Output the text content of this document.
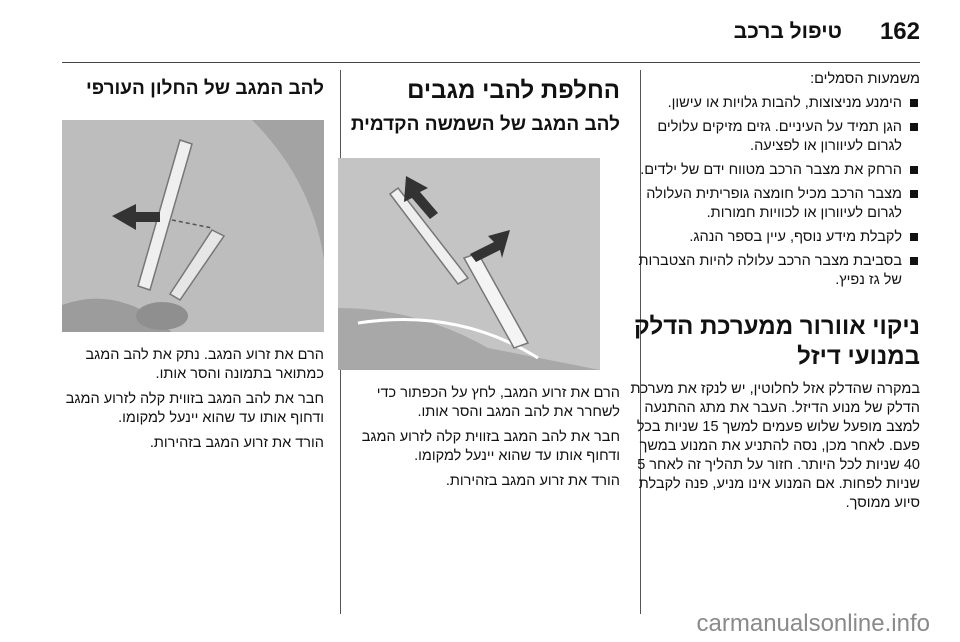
162
טיפול ברכב
משמעות הסמלים:
הימנע מניצוצות, להבות גלויות או עישון.
הגן תמיד על העיניים. גזים מזיקים עלולים לגרום לעיוורון או לפציעה.
הרחק את מצבר הרכב מטווח ידם של ילדים.
מצבר הרכב מכיל חומצה גופריתית העלולה לגרום לעיוורון או לכוויות חמורות.
לקבלת מידע נוסף, עיין בספר הנהג.
בסביבת מצבר הרכב עלולה להיות הצטברות של גז נפיץ.
ניקוי אוורור ממערכת הדלק במנועי דיזל
במקרה שהדלק אזל לחלוטין, יש לנקז את מערכת הדלק של מנוע הדיזל. העבר את מתג ההתנעה למצב מופעל שלוש פעמים למשך 15 שניות בכל פעם. לאחר מכן, נסה להתניע את המנוע במשך 40 שניות לכל היותר. חזור על תהליך זה לאחר 5 שניות לפחות. אם המנוע אינו מניע, פנה לקבלת סיוע ממוסך.
החלפת להבי מגבים
להב המגב של השמשה הקדמית
הרם את זרוע המגב, לחץ על הכפתור כדי לשחרר את להב המגב והסר אותו.
חבר את להב המגב בזווית קלה לזרוע המגב ודחוף אותו עד שהוא יינעל למקומו.
הורד את זרוע המגב בזהירות.
להב המגב של החלון העורפי
הרם את זרוע המגב. נתק את להב המגב כמתואר בתמונה והסר אותו.
חבר את להב המגב בזווית קלה לזרוע המגב ודחוף אותו עד שהוא יינעל למקומו.
הורד את זרוע המגב בזהירות.
carmanualsonline.info
